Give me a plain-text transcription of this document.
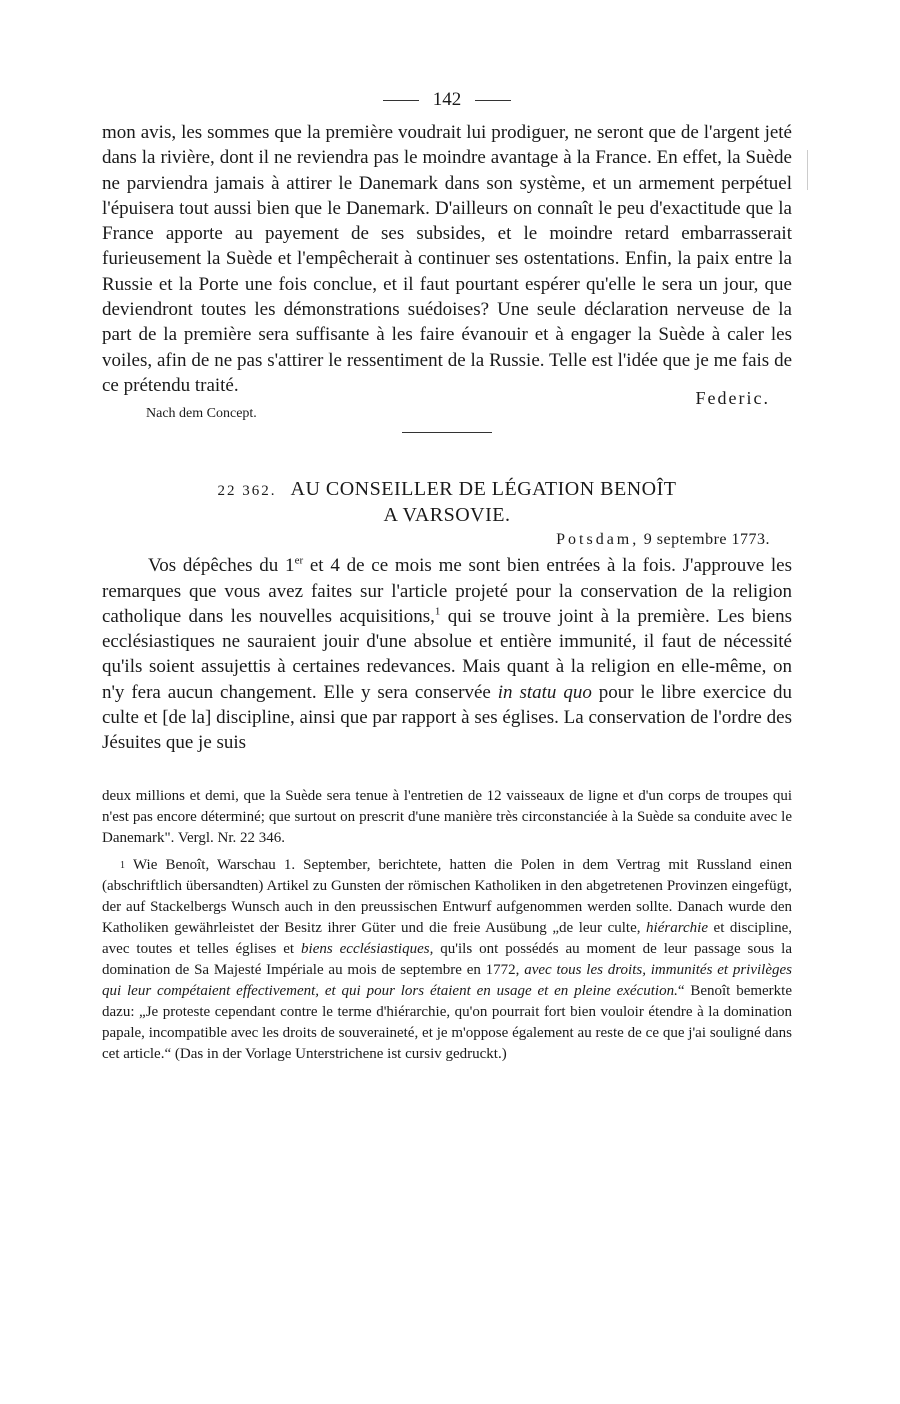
142

mon avis, les sommes que la première voudrait lui prodiguer, ne seront que de l'argent jeté dans la rivière, dont il ne reviendra pas le moindre avantage à la France. En effet, la Suède ne parviendra jamais à attirer le Danemark dans son système, et un armement perpétuel l'épuisera tout aussi bien que le Danemark. D'ailleurs on connaît le peu d'exactitude que la France apporte au payement de ses subsides, et le moindre retard embarrasserait furieusement la Suède et l'empêcherait à continuer ses ostentations. Enfin, la paix entre la Russie et la Porte une fois conclue, et il faut pourtant espérer qu'elle le sera un jour, que deviendront toutes les démonstrations suédoises? Une seule déclaration nerveuse de la part de la première sera suffisante à les faire évanouir et à engager la Suède à caler les voiles, afin de ne pas s'attirer le ressentiment de la Russie. Telle est l'idée que je me fais de ce prétendu traité.

Nach dem Concept.
Federic.
22 362. AU CONSEILLER DE LÉGATION BENOÎT
A VARSOVIE.
Potsdam, 9 septembre 1773.

Vos dépêches du 1er et 4 de ce mois me sont bien entrées à la fois. J'approuve les remarques que vous avez faites sur l'article projeté pour la conservation de la religion catholique dans les nouvelles acquisitions,$^1$ qui se trouve joint à la première. Les biens ecclésiastiques ne sauraient jouir d'une absolue et entière immunité, il faut de nécessité qu'ils soient assujettis à certaines redevances. Mais quant à la religion en elle-même, on n'y fera aucun changement. Elle y sera conservée in statu quo pour le libre exercice du culte et [de la] discipline, ainsi que par rapport à ses églises. La conservation de l'ordre des Jésuites que je suis

deux millions et demi, que la Suède sera tenue à l'entretien de 12 vaisseaux de ligne et d'un corps de troupes qui n'est pas encore déterminé; que surtout on prescrit d'une manière très circonstanciée à la Suède sa conduite avec le Danemark". Vergl. Nr. 22 346.

$^1$ Wie Benoît, Warschau 1. September, berichtete, hatten die Polen in dem Vertrag mit Russland einen (abschriftlich übersandten) Artikel zu Gunsten der römischen Katholiken in den abgetretenen Provinzen eingefügt, der auf Stackelbergs Wunsch auch in den preussischen Entwurf aufgenommen werden sollte. Danach wurde den Katholiken gewährleistet der Besitz ihrer Güter und die freie Ausübung „de leur culte, hiérarchie et discipline, avec toutes et telles églises et biens ecclésiastiques, qu'ils ont possédés au moment de leur passage sous la domination de Sa Majesté Impériale au mois de septembre en 1772, avec tous les droits, immunités et privilèges qui leur compétaient effectivement, et qui pour lors étaient en usage et en pleine exécution.“ Benoît bemerkte dazu: „Je proteste cependant contre le terme d'hiérarchie, qu'on pourrait fort bien vouloir étendre à la domination papale, incompatible avec les droits de souveraineté, et je m'oppose également au reste de ce que j'ai souligné dans cet article.“ (Das in der Vorlage Unterstrichene ist cursiv gedruckt.)
